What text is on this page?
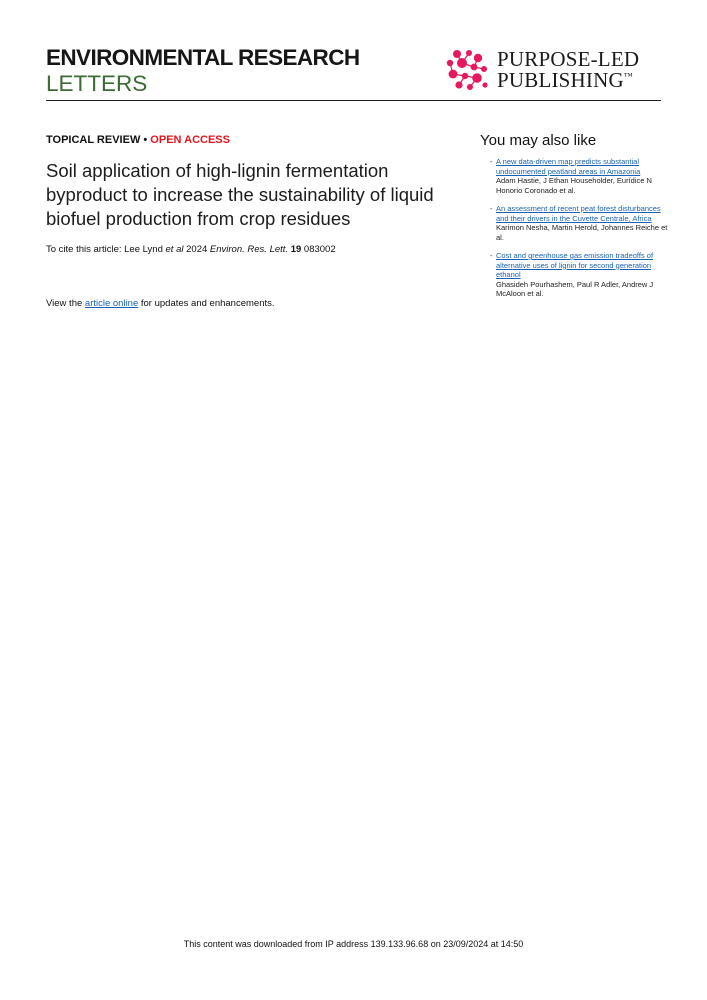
ENVIRONMENTAL RESEARCH
LETTERS
PURPOSE-LED
PUBLISHING™
TOPICAL REVIEW • OPEN ACCESS
Soil application of high-lignin fermentation byproduct to increase the sustainability of liquid biofuel production from crop residues
To cite this article: Lee Lynd et al 2024 Environ. Res. Lett. 19 083002
View the article online for updates and enhancements.
You may also like
- A new data-driven map predicts substantial undocumented peatland areas in Amazonia
Adam Hastie, J Ethan Householder, Eurídice N Honorio Coronado et al.
- An assessment of recent peat forest disturbances and their drivers in the Cuvette Centrale, Africa
Karimon Nesha, Martin Herold, Johannes Reiche et al.
- Cost and greenhouse gas emission tradeoffs of alternative uses of lignin for second generation ethanol
Ghasideh Pourhashem, Paul R Adler, Andrew J McAloon et al.
This content was downloaded from IP address 139.133.96.68 on 23/09/2024 at 14:50
